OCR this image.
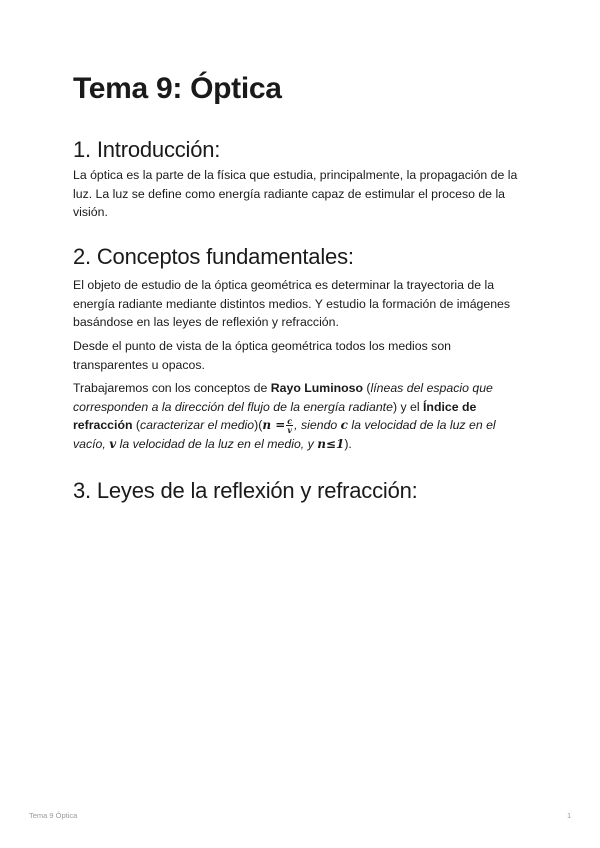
Tema 9: Óptica
1. Introducción:

La óptica es la parte de la física que estudia, principalmente, la propagación de la luz. La luz se define como energía radiante capaz de estimular el proceso de la visión.

2. Conceptos fundamentales:

El objeto de estudio de la óptica geométrica es determinar la trayectoria de la energía radiante mediante distintos medios. Y estudio la formación de imágenes basándose en las leyes de reflexión y refracción.

Desde el punto de vista de la óptica geométrica todos los medios son transparentes u opacos.

Trabajaremos con los conceptos de Rayo Luminoso (líneas del espacio que corresponden a la dirección del flujo de la energía radiante) y el Índice de refracción (caracterizar el medio)(n = $\frac{c}{v}$ , siendo c la velocidad de la luz en el vacío, v la velocidad de la luz en el medio, y n≤1).

3. Leyes de la reflexión y refracción:
Tema 9 Óptica	1
